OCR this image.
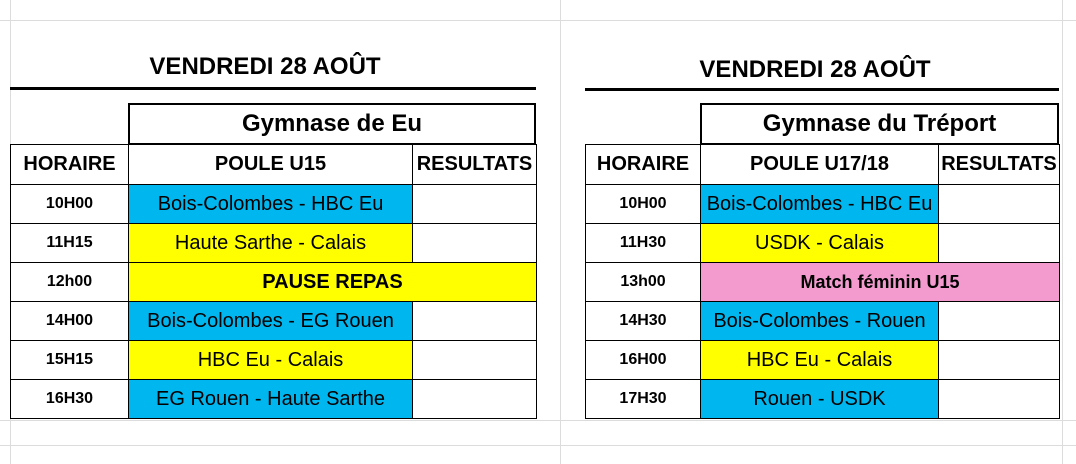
VENDREDI 28 AOÛT
Gymnase de Eu
HORAIRE	POULE U15	RESULTATS
10H00	Bois-Colombes - HBC Eu	
11H15	Haute Sarthe - Calais	
12h00	PAUSE REPAS	
14H00	Bois-Colombes - EG Rouen	
15H15	HBC Eu - Calais	
16H30	EG Rouen - Haute Sarthe	
VENDREDI 28 AOÛT
Gymnase du Tréport
HORAIRE	POULE U17/18	RESULTATS
10H00	Bois-Colombes - HBC Eu	
11H30	USDK - Calais	
13h00	Match féminin U15	
14H30	Bois-Colombes - Rouen	
16H00	HBC Eu - Calais	
17H30	Rouen - USDK	
